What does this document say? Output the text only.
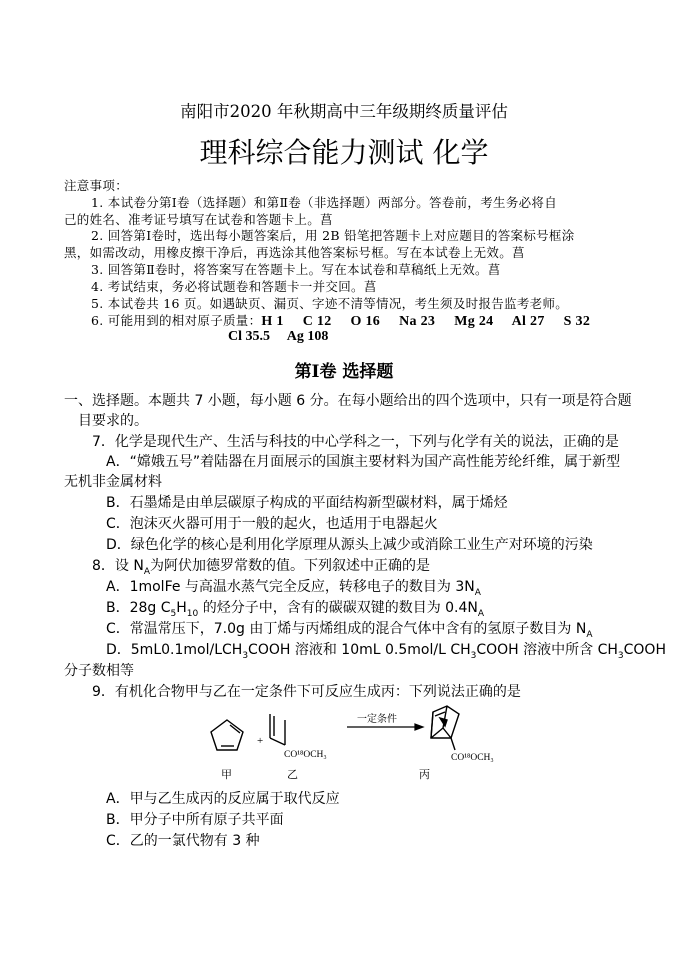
南阳市2020 年秋期高中三年级期终质量评估
理科综合能力测试 化学
注意事项：
1. 本试卷分第Ⅰ卷（选择题）和第Ⅱ卷（非选择题）两部分。答卷前，考生务必将自
己的姓名、准考证号填写在试卷和答题卡上。菖
2. 回答第Ⅰ卷时，选出每小题答案后，用 2B 铅笔把答题卡上对应题目的答案标号框涂
黑，如需改动，用橡皮擦干净后，再选涂其他答案标号框。写在本试卷上无效。菖
3. 回答第Ⅱ卷时，将答案写在答题卡上。写在本试卷和草稿纸上无效。菖
4. 考试结束，务必将试题卷和答题卡一并交回。菖
5. 本试卷共 16 页。如遇缺页、漏页、字迹不清等情况，考生须及时报告监考老师。
6. 可能用到的相对原子质量：H 1     C 12     O 16     Na 23     Mg 24     Al 27     S 32
Cl 35.5     Ag 108
第Ⅰ卷 选择题
一、选择题。本题共 7 小题，每小题 6 分。在每小题给出的四个选项中，只有一项是符合题
目要求的。
7．化学是现代生产、生活与科技的中心学科之一，下列与化学有关的说法，正确的是
A．“嫦娥五号”着陆器在月面展示的国旗主要材料为国产高性能芳纶纤维，属于新型
无机非金属材料
B．石墨烯是由单层碳原子构成的平面结构新型碳材料，属于烯烃
C．泡沫灭火器可用于一般的起火，也适用于电器起火
D．绿色化学的核心是利用化学原理从源头上减少或消除工业生产对环境的污染
8．设 $N_A$为阿伏加德罗常数的值。下列叙述中正确的是
A．1molFe 与高温水蒸气完全反应，转移电子的数目为 $3N_A$
B．28g $C_5H_{10}$ 的烃分子中，含有的碳碳双键的数目为 $0.4N_A$
C．常温常压下，7.0g 由丁烯与丙烯组成的混合气体中含有的氢原子数目为 $N_A$
D．$5mL0.1mol/LCH_3COOH$ 溶液和 10mL 0.5mol/L $CH_3COOH$ 溶液中所含 $CH_3COOH$
分子数相等
9．有机化合物甲与乙在一定条件下可反应生成丙：下列说法正确的是
+
CO¹⁸OCH₃
一定条件
CO¹⁸OCH₃
甲	乙	丙
A．甲与乙生成丙的反应属于取代反应
B．甲分子中所有原子共平面
C．乙的一氯代物有 3 种
